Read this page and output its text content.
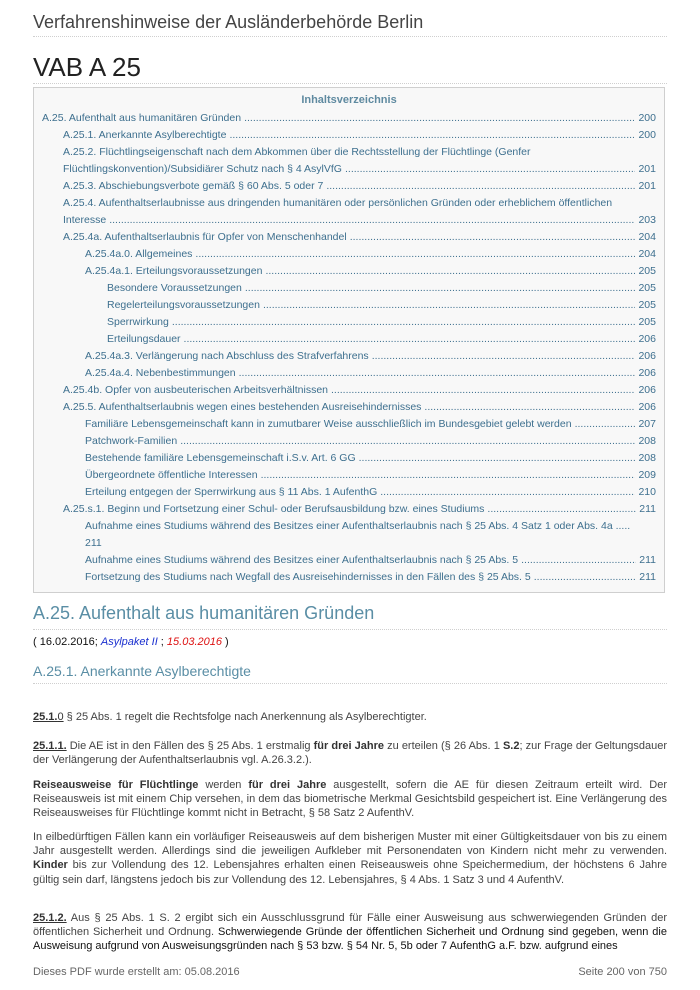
Verfahrenshinweise der Ausländerbehörde Berlin
VAB A 25
Inhaltsverzeichnis
A.25. Aufenthalt aus humanitären Gründen .....	200
A.25.1. Anerkannte Asylberechtigte .....	200
A.25.2. Flüchtlingseigenschaft nach dem Abkommen über die Rechtsstellung der Flüchtlinge (Genfer
Flüchtlingskonvention)/Subsidiärer Schutz nach § 4 AsylVfG .....	201
A.25.3. Abschiebungsverbote gemäß § 60 Abs. 5 oder 7 .....	201
A.25.4. Aufenthaltserlaubnisse aus dringenden humanitären oder persönlichen Gründen oder erheblichem öffentlichen
Interesse .....	203
A.25.4a. Aufenthaltserlaubnis für Opfer von Menschenhandel .....	204
A.25.4a.0. Allgemeines .....	204
A.25.4a.1. Erteilungsvoraussetzungen .....	205
Besondere Voraussetzungen .....	205
Regelerteilungsvoraussetzungen .....	205
Sperrwirkung .....	205
Erteilungsdauer .....	206
A.25.4a.3. Verlängerung nach Abschluss des Strafverfahrens .....	206
A.25.4a.4. Nebenbestimmungen .....	206
A.25.4b. Opfer von ausbeuterischen Arbeitsverhältnissen .....	206
A.25.5. Aufenthaltserlaubnis wegen eines bestehenden Ausreisehindernisses .....	206
Familiäre Lebensgemeinschaft kann in zumutbarer Weise ausschließlich im Bundesgebiet gelebt werden .....	207
Patchwork-Familien .....	208
Bestehende familiäre Lebensgemeinschaft i.S.v. Art. 6 GG .....	208
Übergeordnete öffentliche Interessen .....	209
Erteilung entgegen der Sperrwirkung aus § 11 Abs. 1 AufenthG .....	210
A.25.s.1. Beginn und Fortsetzung einer Schul- oder Berufsausbildung bzw. eines Studiums .....	211
Aufnahme eines Studiums während des Besitzes einer Aufenthaltserlaubnis nach § 25 Abs. 4 Satz 1 oder Abs. 4a .....
211
Aufnahme eines Studiums während des Besitzes einer Aufenthaltserlaubnis nach § 25 Abs. 5 .....	211
Fortsetzung des Studiums nach Wegfall des Ausreisehindernisses in den Fällen des § 25 Abs. 5 .....	211
A.25. Aufenthalt aus humanitären Gründen
( 16.02.2016; Asylpaket II ; 15.03.2016 )
A.25.1. Anerkannte Asylberechtigte
25.1.0 § 25 Abs. 1 regelt die Rechtsfolge nach Anerkennung als Asylberechtigter.
25.1.1. Die AE ist in den Fällen des § 25 Abs. 1 erstmalig für drei Jahre zu erteilen (§ 26 Abs. 1 S.2; zur Frage der Geltungsdauer der Verlängerung der Aufenthaltserlaubnis vgl. A.26.3.2.).
Reiseausweise für Flüchtlinge werden für drei Jahre ausgestellt, sofern die AE für diesen Zeitraum erteilt wird. Der Reiseausweis ist mit einem Chip versehen, in dem das biometrische Merkmal Gesichtsbild gespeichert ist. Eine Verlängerung des Reiseausweises für Flüchtlinge kommt nicht in Betracht, § 58 Satz 2 AufenthV.
In eilbedürftigen Fällen kann ein vorläufiger Reiseausweis auf dem bisherigen Muster mit einer Gültigkeitsdauer von bis zu einem Jahr ausgestellt werden. Allerdings sind die jeweiligen Aufkleber mit Personendaten von Kindern nicht mehr zu verwenden. Kinder bis zur Vollendung des 12. Lebensjahres erhalten einen Reiseausweis ohne Speichermedium, der höchstens 6 Jahre gültig sein darf, längstens jedoch bis zur Vollendung des 12. Lebensjahres, § 4 Abs. 1 Satz 3 und 4 AufenthV.
25.1.2. Aus § 25 Abs. 1 S. 2 ergibt sich ein Ausschlussgrund für Fälle einer Ausweisung aus schwerwiegenden Gründen der öffentlichen Sicherheit und Ordnung. Schwerwiegende Gründe der öffentlichen Sicherheit und Ordnung sind gegeben, wenn die Ausweisung aufgrund von Ausweisungsgründen nach § 53 bzw. § 54 Nr. 5, 5b oder 7 AufenthG a.F. bzw. aufgrund eines
Dieses PDF wurde erstellt am: 05.08.2016	Seite 200 von 750
